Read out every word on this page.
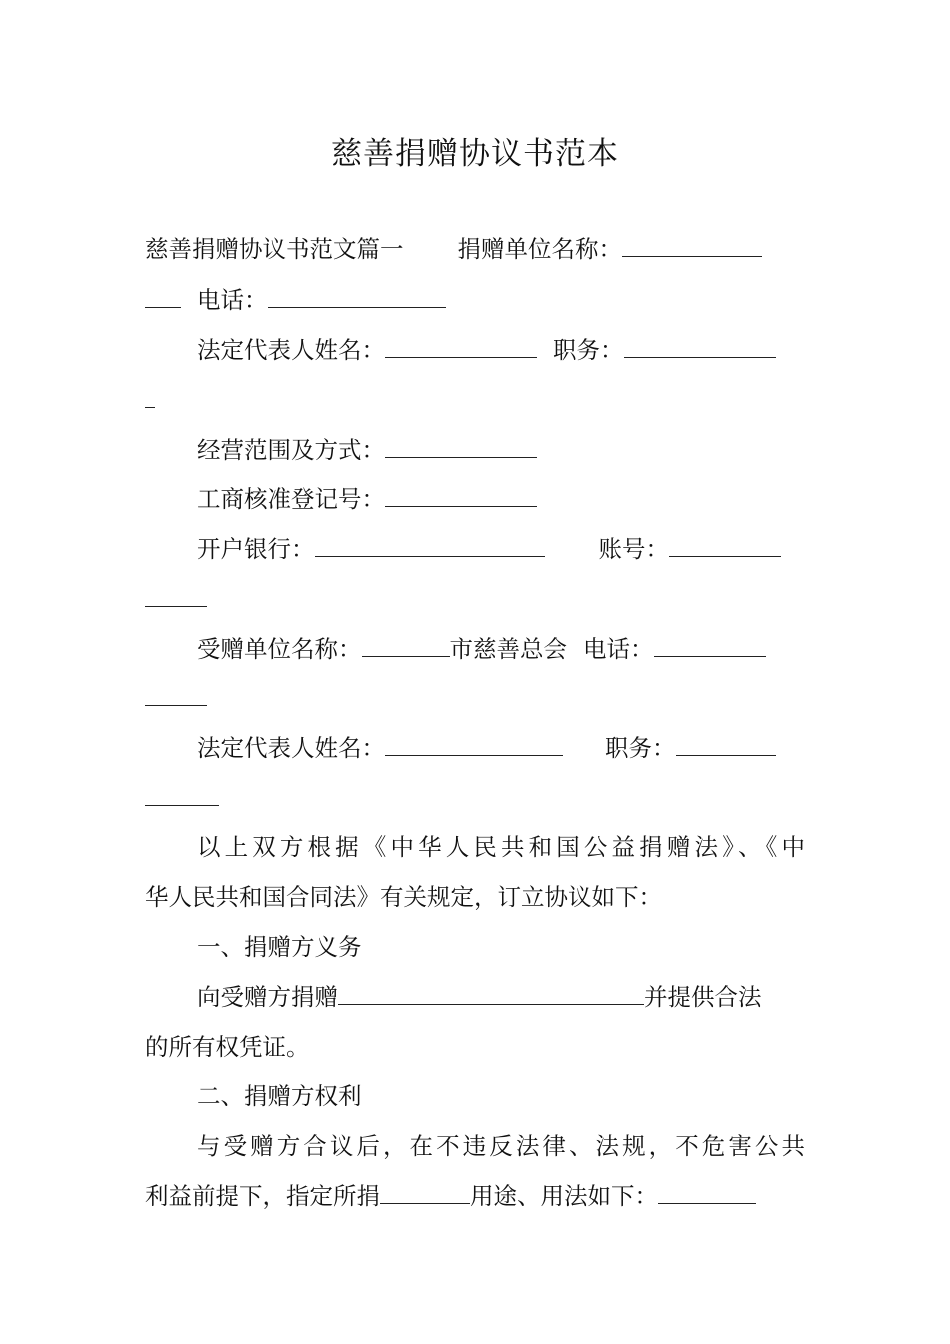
慈善捐赠协议书范本
慈善捐赠协议书范文篇一 捐赠单位名称：
电话：
法定代表人姓名：	职务：
经营范围及方式：
工商核准登记号：
开户银行：	账号：
受赠单位名称：	市慈善总会 电话：
法定代表人姓名：	职务：
以上双方根据《中华人民共和国公益捐赠法》、《中
华人民共和国合同法》有关规定，订立协议如下：
一、捐赠方义务
向受赠方捐赠	并提供合法
的所有权凭证。
二、捐赠方权利
与受赠方合议后，在不违反法律、法规，不危害公共
利益前提下，指定所捐	用途、用法如下：
